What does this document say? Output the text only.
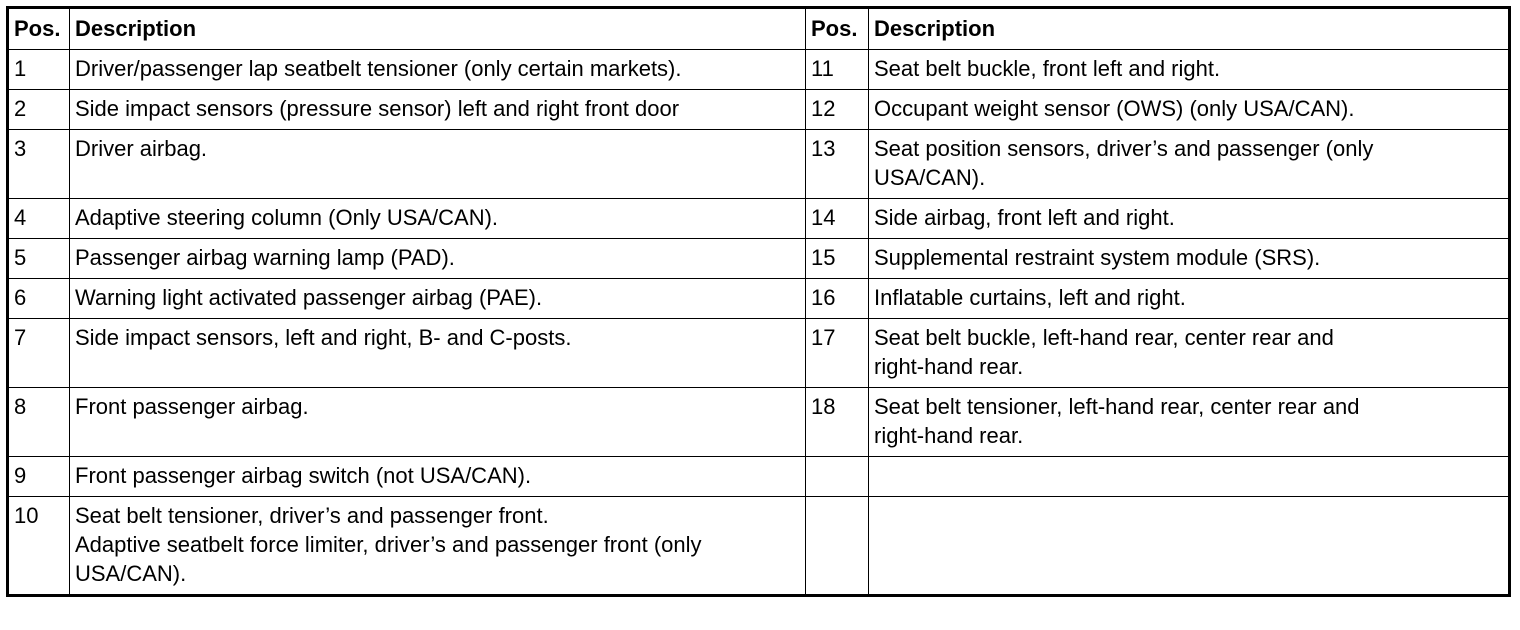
Pos.	Description	Pos.	Description
1	Driver/passenger lap seatbelt tensioner (only certain markets).	11	Seat belt buckle, front left and right.

2	Side impact sensors (pressure sensor) left and right front door	12	Occupant weight sensor (OWS) (only USA/CAN).

3	Driver airbag.	13	Seat position sensors, driver’s and passenger (only
USA/CAN).

4	Adaptive steering column (Only USA/CAN).	14	Side airbag, front left and right.

5	Passenger airbag warning lamp (PAD).	15	Supplemental restraint system module (SRS).

6	Warning light activated passenger airbag (PAE).	16	Inflatable curtains, left and right.

7	Side impact sensors, left and right, B- and C-posts.	17	Seat belt buckle, left-hand rear, center rear and
right-hand rear.

8	Front passenger airbag.	18	Seat belt tensioner, left-hand rear, center rear and
right-hand rear.

9	Front passenger airbag switch (not USA/CAN).		

10	Seat belt tensioner, driver’s and passenger front.
Adaptive seatbelt force limiter, driver’s and passenger front (only
USA/CAN).		
